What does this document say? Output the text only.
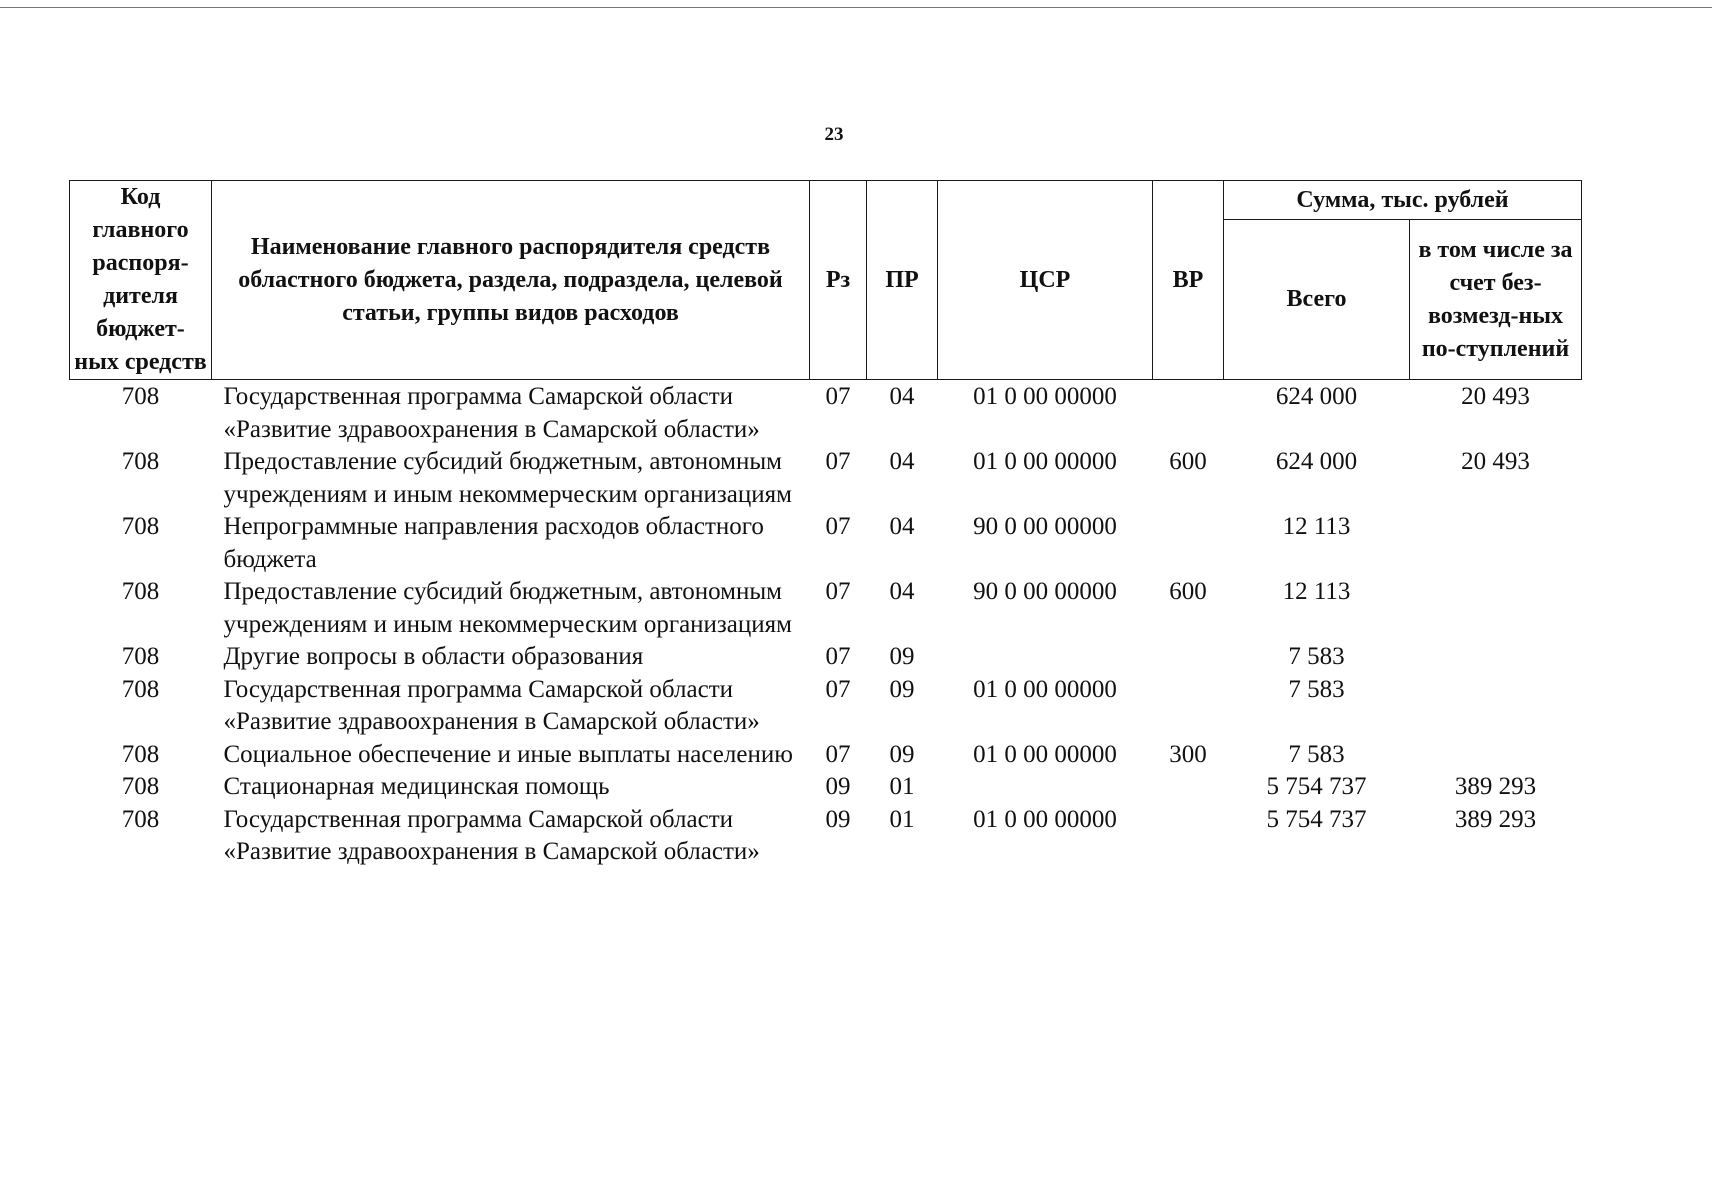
23
Код главного распоря-дителя бюджет-ных средств	Наименование главного распорядителя средств областного бюджета, раздела, подраздела, целевой статьи, группы видов расходов	Рз	ПР	ЦСР	ВР	Сумма, тыс. рублей	
						Всего	в том числе за счет без-возмезд-ных по-ступлений
708	Государственная программа Самарской области «Развитие здравоохранения в Самарской области»	07	04	01 0 00 00000		624 000	20 493
708	Предоставление субсидий бюджетным, автономным учреждениям и иным некоммерческим организациям	07	04	01 0 00 00000	600	624 000	20 493
708	Непрограммные направления расходов областного бюджета	07	04	90 0 00 00000		12 113	
708	Предоставление субсидий бюджетным, автономным учреждениям и иным некоммерческим организациям	07	04	90 0 00 00000	600	12 113	
708	Другие вопросы в области образования	07	09			7 583	
708	Государственная программа Самарской области «Развитие здравоохранения в Самарской области»	07	09	01 0 00 00000		7 583	
708	Социальное обеспечение и иные выплаты населению	07	09	01 0 00 00000	300	7 583	
708	Стационарная медицинская помощь	09	01			5 754 737	389 293
708	Государственная программа Самарской области «Развитие здравоохранения в Самарской области»	09	01	01 0 00 00000		5 754 737	389 293
